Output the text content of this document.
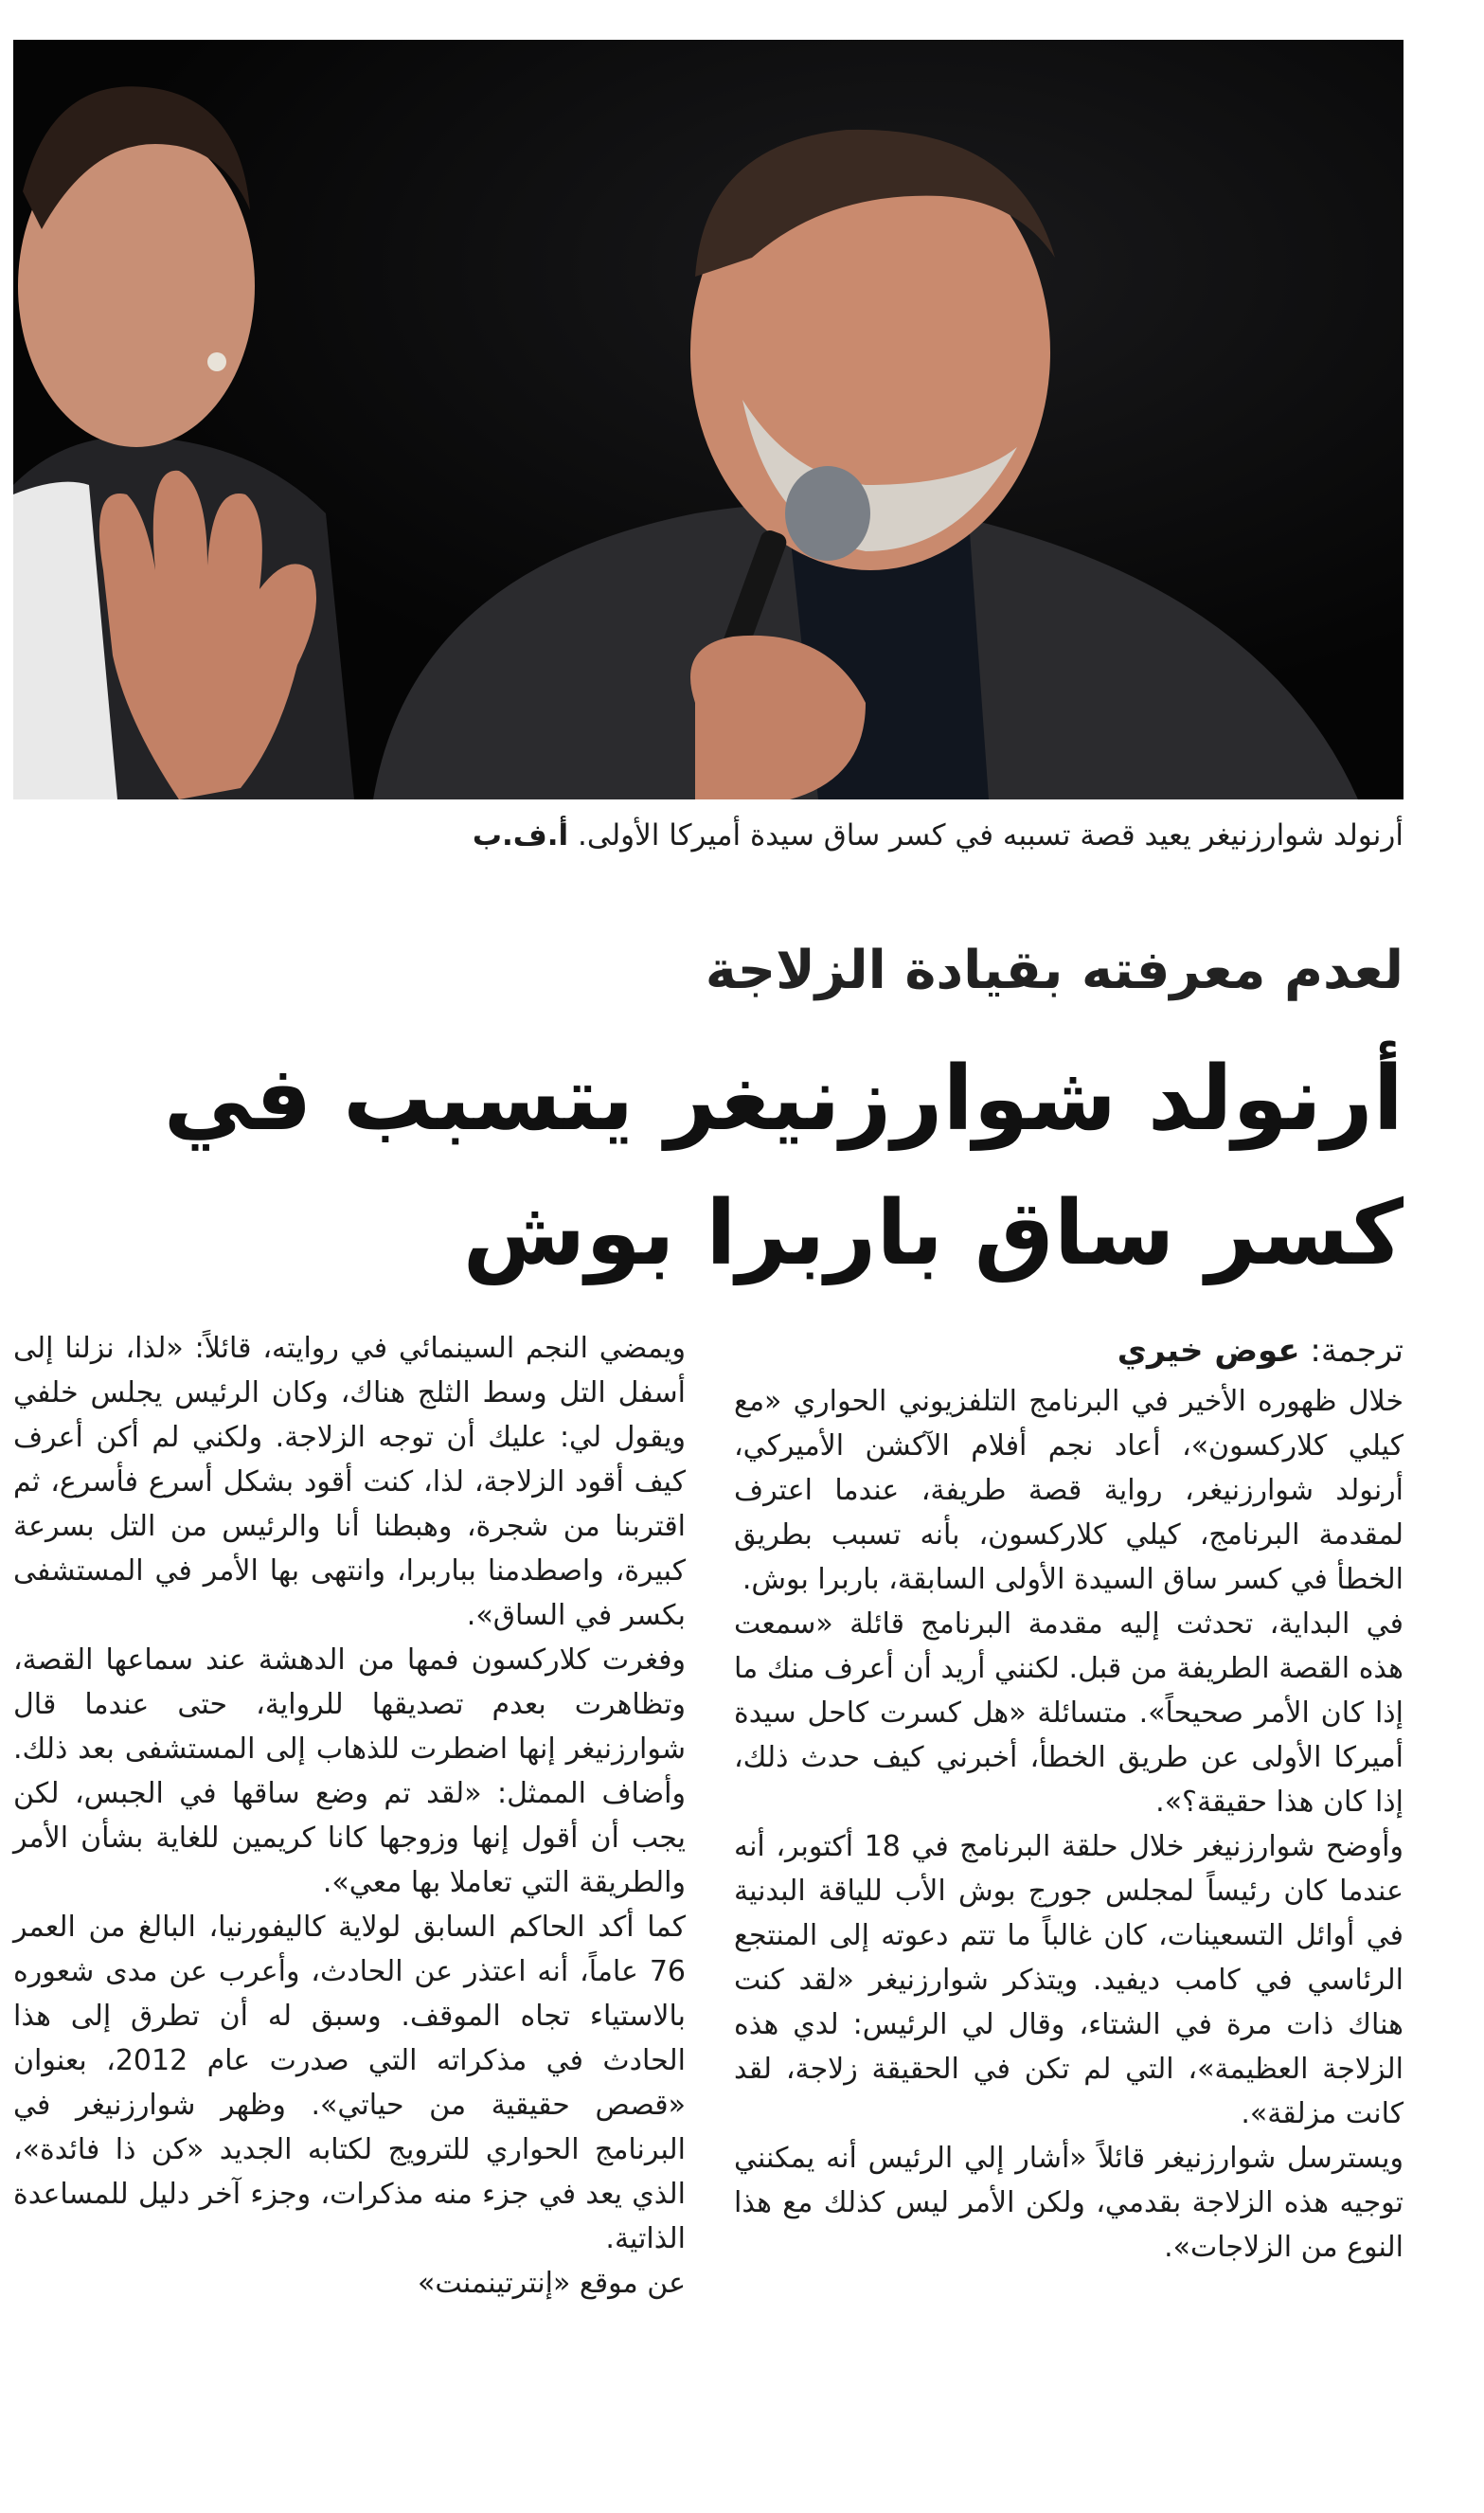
أرنولد شوارزنيغر يعيد قصة تسببه في كسر ساق سيدة أميركا الأولى. أ.ف.ب
لعدم معرفته بقيادة الزلاجة
أرنولد شوارزنيغر يتسبب في كسر ساق باربرا بوش
ترجمة: عوض خيري

خلال ظهوره الأخير في البرنامج التلفزيوني الحواري «مع كيلي كلاركسون»، أعاد نجم أفلام الآكشن الأميركي، أرنولد شوارزنيغر، رواية قصة طريفة، عندما اعترف لمقدمة البرنامج، كيلي كلاركسون، بأنه تسبب بطريق الخطأ في كسر ساق السيدة الأولى السابقة، باربرا بوش.

في البداية، تحدثت إليه مقدمة البرنامج قائلة «سمعت هذه القصة الطريفة من قبل. لكنني أريد أن أعرف منك ما إذا كان الأمر صحيحاً». متسائلة «هل كسرت كاحل سيدة أميركا الأولى عن طريق الخطأ، أخبرني كيف حدث ذلك، إذا كان هذا حقيقة؟».

وأوضح شوارزنيغر خلال حلقة البرنامج في 18 أكتوبر، أنه عندما كان رئيساً لمجلس جورج بوش الأب للياقة البدنية في أوائل التسعينات، كان غالباً ما تتم دعوته إلى المنتجع الرئاسي في كامب ديفيد. ويتذكر شوارزنيغر «لقد كنت هناك ذات مرة في الشتاء، وقال لي الرئيس: لدي هذه الزلاجة العظيمة»، التي لم تكن في الحقيقة زلاجة، لقد كانت مزلقة».

ويسترسل شوارزنيغر قائلاً «أشار إلي الرئيس أنه يمكنني توجيه هذه الزلاجة بقدمي، ولكن الأمر ليس كذلك مع هذا النوع من الزلاجات».

ويمضي النجم السينمائي في روايته، قائلاً: «لذا، نزلنا إلى أسفل التل وسط الثلج هناك، وكان الرئيس يجلس خلفي ويقول لي: عليك أن توجه الزلاجة. ولكني لم أكن أعرف كيف أقود الزلاجة، لذا، كنت أقود بشكل أسرع فأسرع، ثم اقتربنا من شجرة، وهبطنا أنا والرئيس من التل بسرعة كبيرة، واصطدمنا بباربرا، وانتهى بها الأمر في المستشفى بكسر في الساق».

وفغرت كلاركسون فمها من الدهشة عند سماعها القصة، وتظاهرت بعدم تصديقها للرواية، حتى عندما قال شوارزنيغر إنها اضطرت للذهاب إلى المستشفى بعد ذلك. وأضاف الممثل: «لقد تم وضع ساقها في الجبس، لكن يجب أن أقول إنها وزوجها كانا كريمين للغاية بشأن الأمر والطريقة التي تعاملا بها معي».

كما أكد الحاكم السابق لولاية كاليفورنيا، البالغ من العمر 76 عاماً، أنه اعتذر عن الحادث، وأعرب عن مدى شعوره بالاستياء تجاه الموقف. وسبق له أن تطرق إلى هذا الحادث في مذكراته التي صدرت عام 2012، بعنوان «قصص حقيقية من حياتي». وظهر شوارزنيغر في البرنامج الحواري للترويج لكتابه الجديد «كن ذا فائدة»، الذي يعد في جزء منه مذكرات، وجزء آخر دليل للمساعدة الذاتية.

عن موقع «إنترتينمنت»
